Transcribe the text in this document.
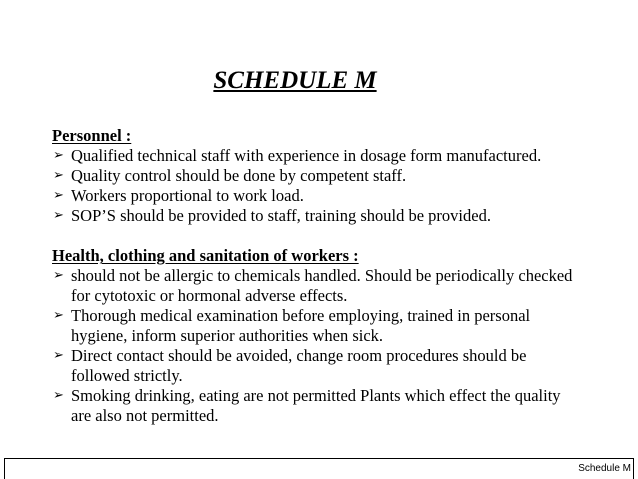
SCHEDULE M
Personnel :
➢ Qualified technical staff with experience in dosage form manufactured.
➢ Quality control should be done by competent staff.
➢ Workers proportional to work load.
➢ SOP’S should be provided to staff, training should be provided.
Health, clothing and sanitation of workers :
➢ should not be allergic to chemicals handled. Should be periodically checked for cytotoxic or hormonal adverse effects.
➢ Thorough medical examination before employing, trained in personal hygiene, inform superior authorities when sick.
➢ Direct contact should be avoided, change room procedures should be followed strictly.
➢ Smoking drinking, eating are not permitted Plants which effect the quality are also not permitted.
Schedule M
